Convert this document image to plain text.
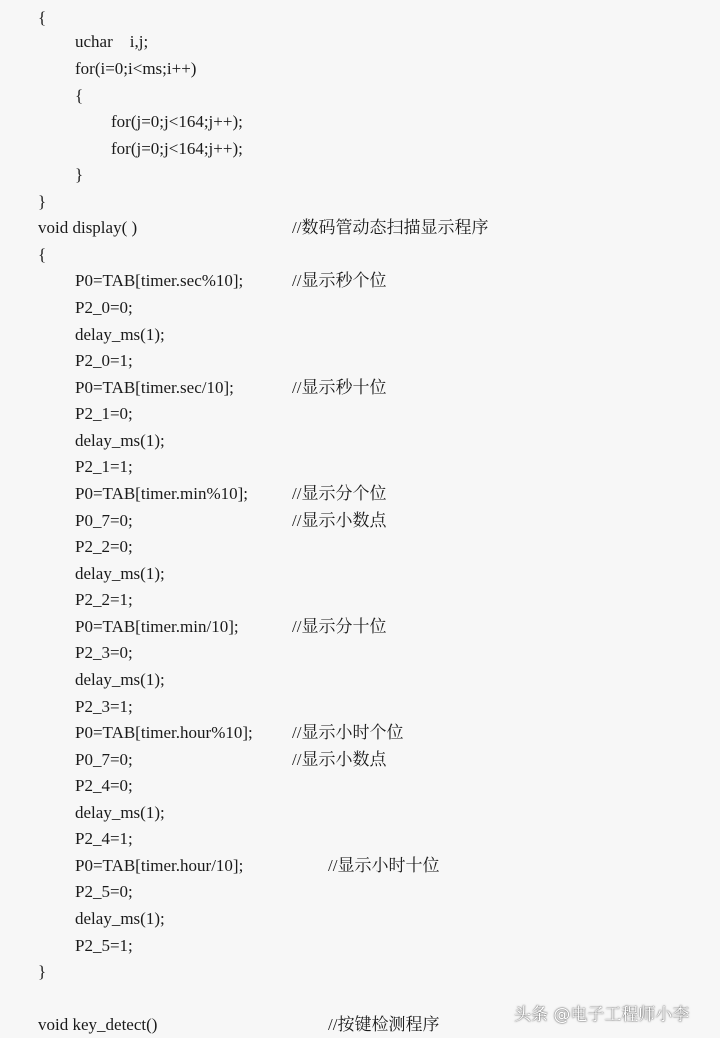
{
uchar    i,j;
for(i=0;i<ms;i++)
{
for(j=0;j<164;j++);
for(j=0;j<164;j++);
}
}
void display( )	//数码管动态扫描显示程序
{
P0=TAB[timer.sec%10];	//显示秒个位
P2_0=0;
delay_ms(1);
P2_0=1;
P0=TAB[timer.sec/10];	//显示秒十位
P2_1=0;
delay_ms(1);
P2_1=1;
P0=TAB[timer.min%10];	//显示分个位
P0_7=0;	//显示小数点
P2_2=0;
delay_ms(1);
P2_2=1;
P0=TAB[timer.min/10];	//显示分十位
P2_3=0;
delay_ms(1);
P2_3=1;
P0=TAB[timer.hour%10]; //显示小时个位
P0_7=0;	//显示小数点
P2_4=0;
delay_ms(1);
P2_4=1;
P0=TAB[timer.hour/10];	//显示小时十位
P2_5=0;
delay_ms(1);
P2_5=1;
}
void key_detect()	//按键检测程序	头条 @电子工程师小李
